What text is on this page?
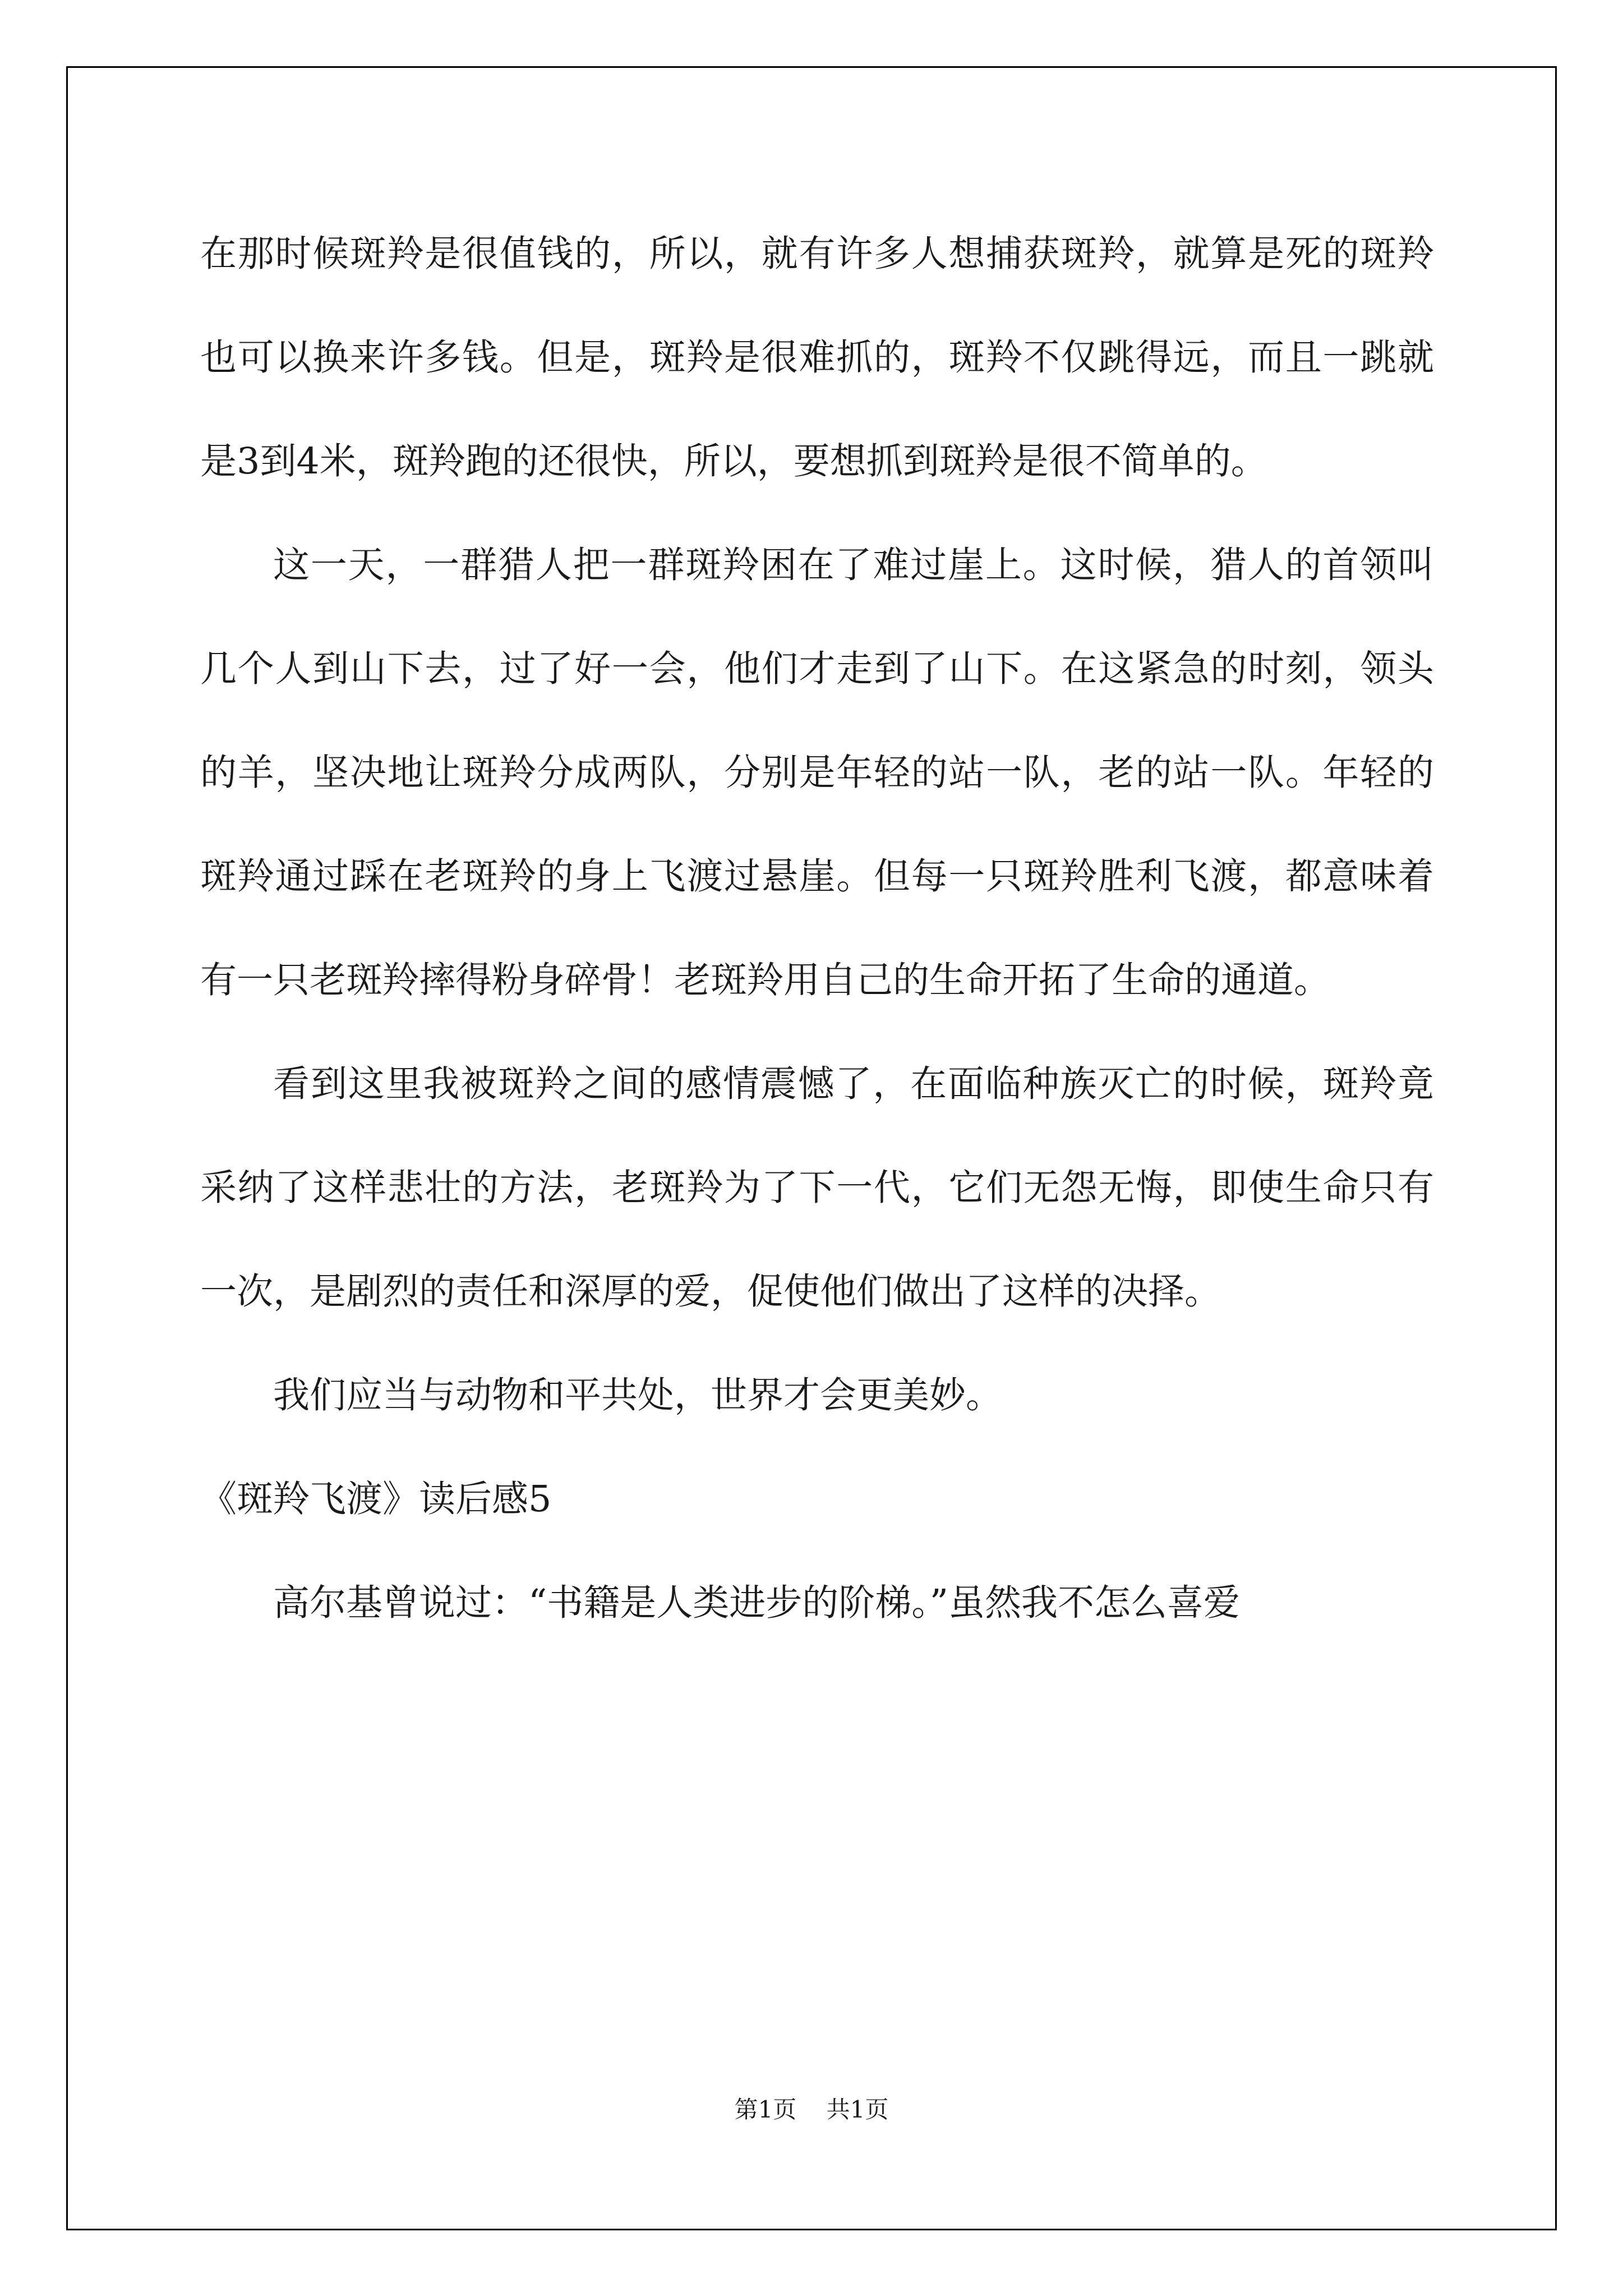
在那时候斑羚是很值钱的，所以，就有许多人想捕获斑羚，就算是死的斑羚也可以换来许多钱。但是，斑羚是很难抓的，斑羚不仅跳得远，而且一跳就是3到4米，斑羚跑的还很快，所以，要想抓到斑羚是很不简单的。

这一天，一群猎人把一群斑羚困在了难过崖上。这时候，猎人的首领叫几个人到山下去，过了好一会，他们才走到了山下。在这紧急的时刻，领头的羊，坚决地让斑羚分成两队，分别是年轻的站一队，老的站一队。年轻的斑羚通过踩在老斑羚的身上飞渡过悬崖。但每一只斑羚胜利飞渡，都意味着有一只老斑羚摔得粉身碎骨！老斑羚用自己的生命开拓了生命的通道。

看到这里我被斑羚之间的感情震憾了，在面临种族灭亡的时候，斑羚竟采纳了这样悲壮的方法，老斑羚为了下一代，它们无怨无悔，即使生命只有一次，是剧烈的责任和深厚的爱，促使他们做出了这样的决择。

我们应当与动物和平共处，世界才会更美妙。

《斑羚飞渡》读后感5

高尔基曾说过：“书籍是人类进步的阶梯。”虽然我不怎么喜爱

第1页 共1页
